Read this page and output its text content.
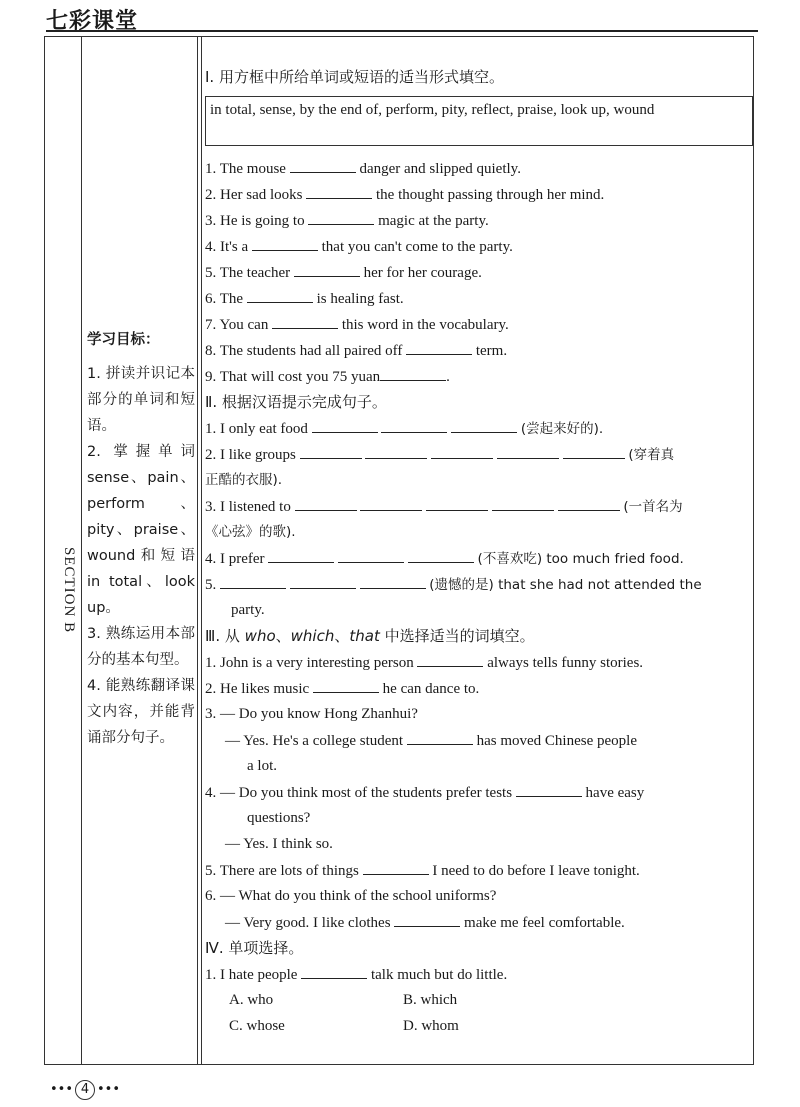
七彩课堂
SECTION B
学习目标：
1. 拼读并识记本部分的单词和短语。
2. 掌握单词sense、pain、perform、pity、praise、wound和短语 in total、look up。
3. 熟练运用本部分的基本句型。
4. 能熟练翻译课文内容，并能背诵部分句子。
Ⅰ. 用方框中所给单词或短语的适当形式填空。
in total, sense, by the end of, perform, pity, reflect, praise, look up, wound
1. The mouse	danger and slipped quietly.
2. Her sad looks	the thought passing through her mind.
3. He is going to	magic at the party.
4. It's a	that you can't come to the party.
5. The teacher	her for her courage.
6. The	is healing fast.
7. You can	this word in the vocabulary.
8. The students had all paired off	term.
9. That will cost you 75 yuan	.
Ⅱ. 根据汉语提示完成句子。
1. I only eat food	(尝起来好的).
2. I like groups	(穿着真
正酷的衣服).
3. I listened to	(一首名为
《心弦》的歌).
4. I prefer	(不喜欢吃) too much fried food.
5.	(遗憾的是) that she had not attended the
party.
Ⅲ. 从 who、which、that 中选择适当的词填空。
1. John is a very interesting person	always tells funny stories.
2. He likes music	he can dance to.
3. — Do you know Hong Zhanhui?
— Yes. He's a college student	has moved Chinese people
a lot.
4. — Do you think most of the students prefer tests	have easy
questions?
— Yes. I think so.
5. There are lots of things	I need to do before I leave tonight.
6. — What do you think of the school uniforms?
— Very good. I like clothes	make me feel comfortable.
Ⅳ. 单项选择。
1. I hate people	talk much but do little.
A. who	B. which
C. whose	D. whom
••• 4 •••
